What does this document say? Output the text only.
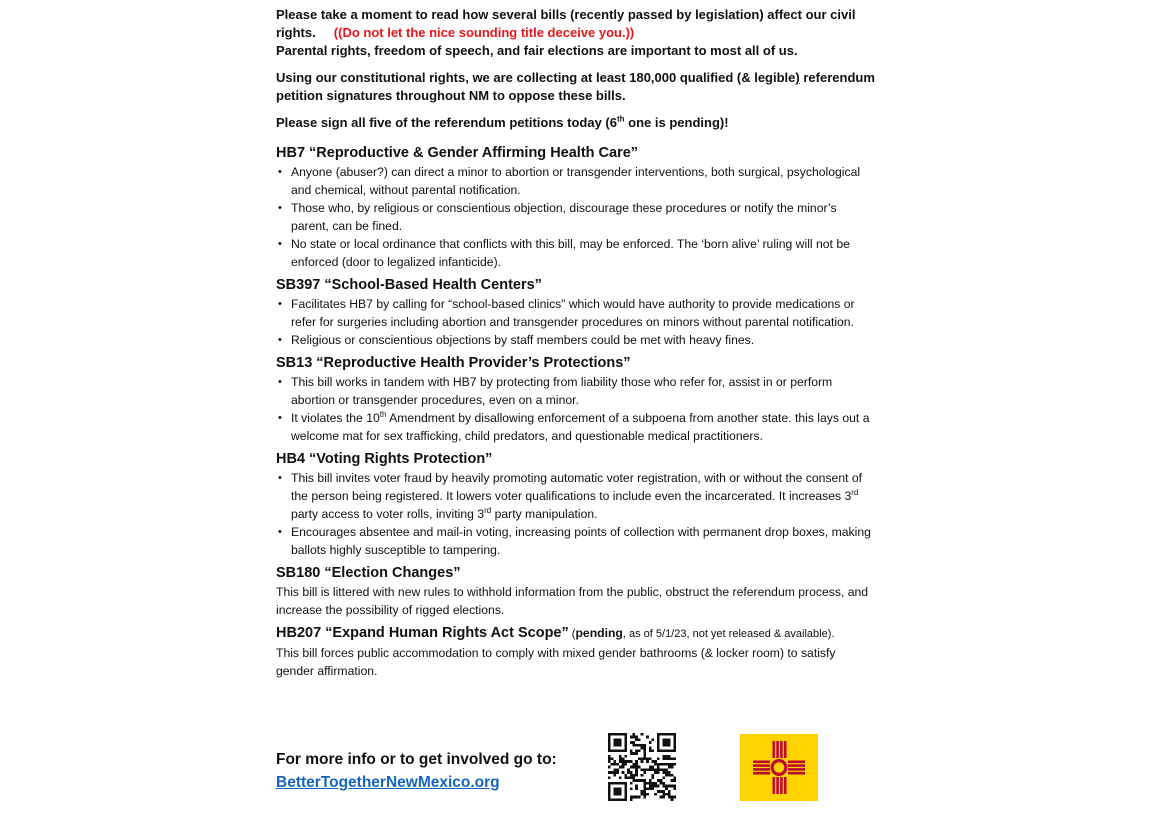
Please take a moment to read how several bills (recently passed by legislation) affect our civil rights. ((Do not let the nice sounding title deceive you.))
Parental rights, freedom of speech, and fair elections are important to most all of us.

Using our constitutional rights, we are collecting at least 180,000 qualified (& legible) referendum petition signatures throughout NM to oppose these bills.

Please sign all five of the referendum petitions today (6th one is pending)!

HB7 “Reproductive & Gender Affirming Health Care”

• Anyone (abuser?) can direct a minor to abortion or transgender interventions, both surgical, psychological and chemical, without parental notification.
• Those who, by religious or conscientious objection, discourage these procedures or notify the minor’s parent, can be fined.
• No state or local ordinance that conflicts with this bill, may be enforced. The ‘born alive’ ruling will not be enforced (door to legalized infanticide).

SB397 “School-Based Health Centers”

• Facilitates HB7 by calling for “school-based clinics” which would have authority to provide medications or refer for surgeries including abortion and transgender procedures on minors without parental notification.
• Religious or conscientious objections by staff members could be met with heavy fines.

SB13 “Reproductive Health Provider’s Protections”

• This bill works in tandem with HB7 by protecting from liability those who refer for, assist in or perform abortion or transgender procedures, even on a minor.
• It violates the 10th Amendment by disallowing enforcement of a subpoena from another state. this lays out a welcome mat for sex trafficking, child predators, and questionable medical practitioners.

HB4 “Voting Rights Protection”

• This bill invites voter fraud by heavily promoting automatic voter registration, with or without the consent of the person being registered. It lowers voter qualifications to include even the incarcerated. It increases 3rd party access to voter rolls, inviting 3rd party manipulation.
• Encourages absentee and mail-in voting, increasing points of collection with permanent drop boxes, making ballots highly susceptible to tampering.

SB180 “Election Changes”

This bill is littered with new rules to withhold information from the public, obstruct the referendum process, and increase the possibility of rigged elections.

HB207 “Expand Human Rights Act Scope” (pending, as of 5/1/23, not yet released & available).

This bill forces public accommodation to comply with mixed gender bathrooms (& locker room) to satisfy gender affirmation.

For more info or to get involved go to:
BetterTogetherNewMexico.org
